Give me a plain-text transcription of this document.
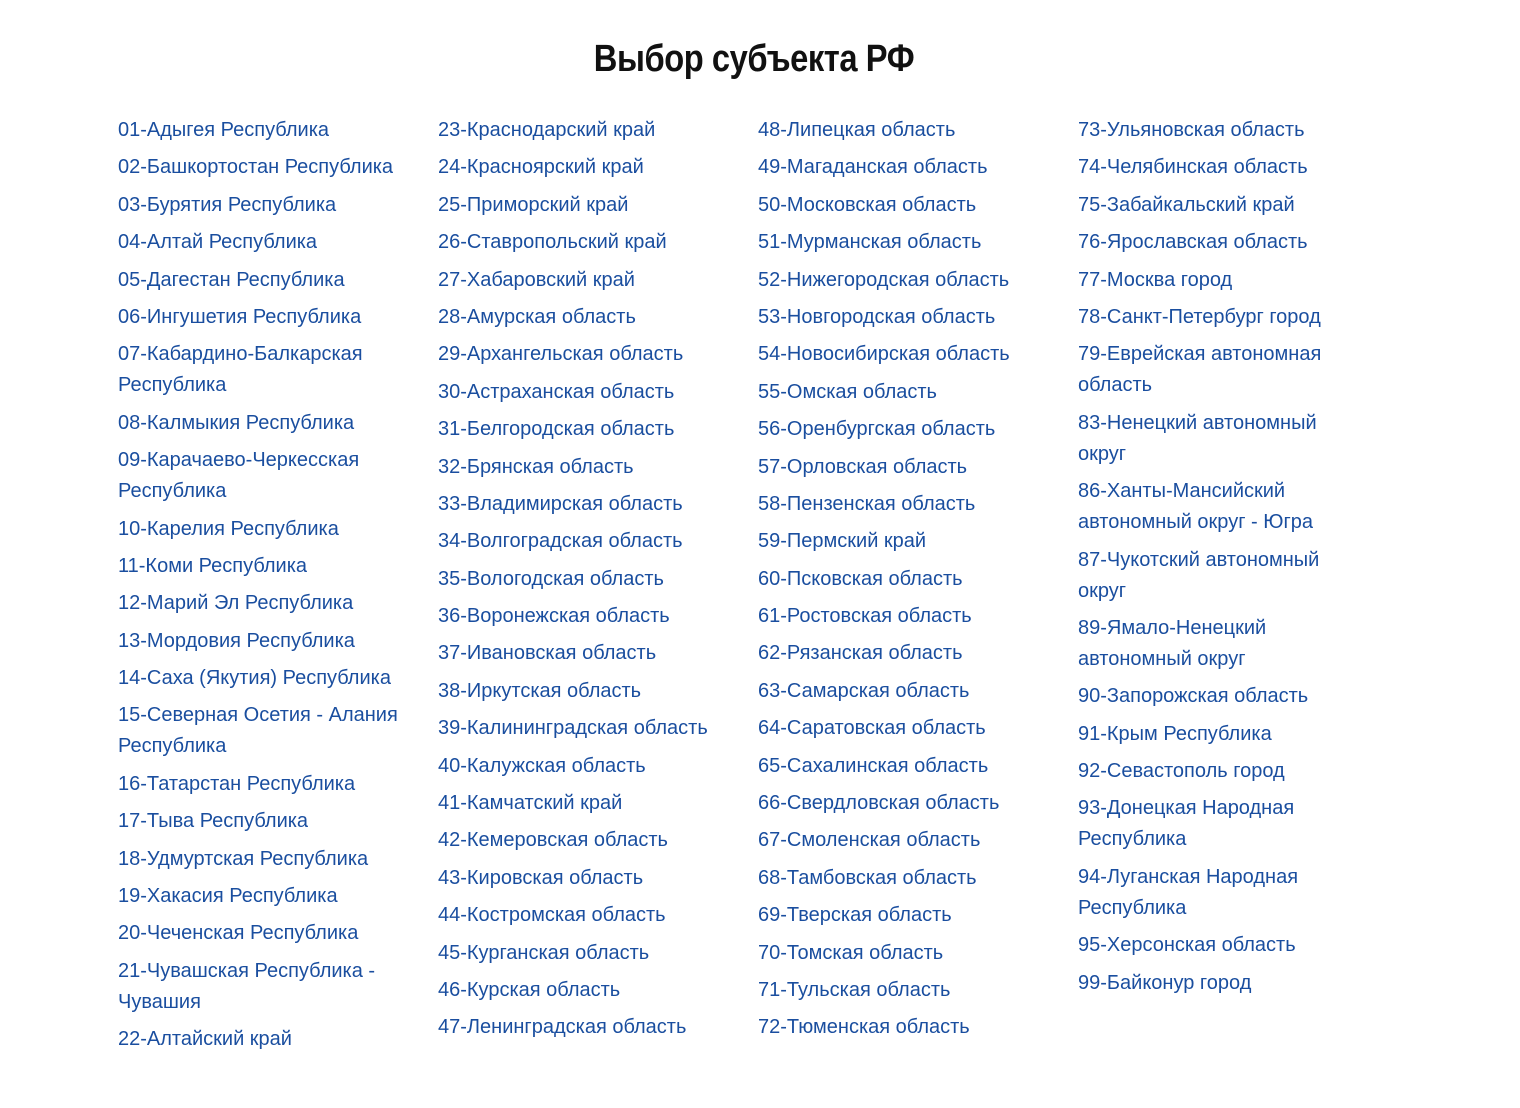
Выбор субъекта РФ
01-Адыгея Республика
02-Башкортостан Республика
03-Бурятия Республика
04-Алтай Республика
05-Дагестан Республика
06-Ингушетия Республика
07-Кабардино-Балкарская Республика
08-Калмыкия Республика
09-Карачаево-Черкесская Республика
10-Карелия Республика
11-Коми Республика
12-Марий Эл Республика
13-Мордовия Республика
14-Саха (Якутия) Республика
15-Северная Осетия - Алания Республика
16-Татарстан Республика
17-Тыва Республика
18-Удмуртская Республика
19-Хакасия Республика
20-Чеченская Республика
21-Чувашская Республика - Чувашия
22-Алтайский край
23-Краснодарский край
24-Красноярский край
25-Приморский край
26-Ставропольский край
27-Хабаровский край
28-Амурская область
29-Архангельская область
30-Астраханская область
31-Белгородская область
32-Брянская область
33-Владимирская область
34-Волгоградская область
35-Вологодская область
36-Воронежская область
37-Ивановская область
38-Иркутская область
39-Калининградская область
40-Калужская область
41-Камчатский край
42-Кемеровская область
43-Кировская область
44-Костромская область
45-Курганская область
46-Курская область
47-Ленинградская область
48-Липецкая область
49-Магаданская область
50-Московская область
51-Мурманская область
52-Нижегородская область
53-Новгородская область
54-Новосибирская область
55-Омская область
56-Оренбургская область
57-Орловская область
58-Пензенская область
59-Пермский край
60-Псковская область
61-Ростовская область
62-Рязанская область
63-Самарская область
64-Саратовская область
65-Сахалинская область
66-Свердловская область
67-Смоленская область
68-Тамбовская область
69-Тверская область
70-Томская область
71-Тульская область
72-Тюменская область
73-Ульяновская область
74-Челябинская область
75-Забайкальский край
76-Ярославская область
77-Москва город
78-Санкт-Петербург город
79-Еврейская автономная область
83-Ненецкий автономный округ
86-Ханты-Мансийский автономный округ - Югра
87-Чукотский автономный округ
89-Ямало-Ненецкий автономный округ
90-Запорожская область
91-Крым Республика
92-Севастополь город
93-Донецкая Народная Республика
94-Луганская Народная Республика
95-Херсонская область
99-Байконур город
